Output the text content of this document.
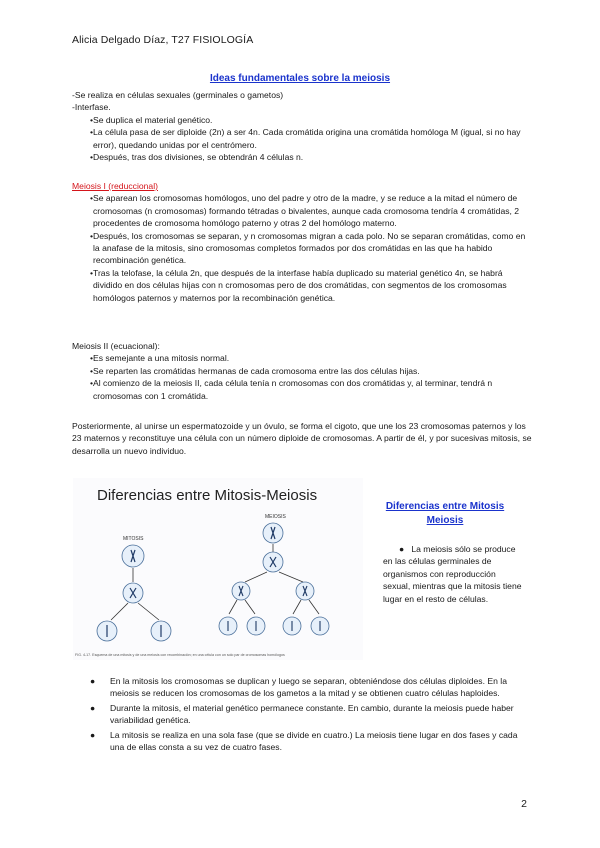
Alicia Delgado Díaz, T27 FISIOLOGÍA
Ideas fundamentales sobre la meiosis

-Se realiza en células sexuales (germinales o gametos)

-Interfase.

•Se duplica el material genético.

•La célula pasa de ser diploide (2n) a ser 4n. Cada cromátida origina una cromátida homóloga M (igual, si no hay error), quedando unidas por el centrómero.

•Después, tras dos divisiones, se obtendrán 4 células n.

Meiosis I (reduccional)

•Se aparean los cromosomas homólogos, uno del padre y otro de la madre, y se reduce a la mitad el número de cromosomas (n cromosomas) formando tétradas o bivalentes, aunque cada cromosoma tendría 4 cromátidas, 2 procedentes de cromosoma homólogo paterno y otras 2 del homólogo materno.

•Después, los cromosomas se separan, y n cromosomas migran a cada polo. No se separan cromátidas, como en la anafase de la mitosis, sino cromosomas completos formados por dos cromátidas en las que ha habido recombinación genética.

•Tras la telofase, la célula 2n, que después de la interfase había duplicado su material genético 4n, se habrá dividido en dos células hijas con n cromosomas pero de dos cromátidas, con segmentos de los cromosomas homólogos paternos y maternos por la recombinación genética.

Meiosis II (ecuacional):

•Es semejante a una mitosis normal.

•Se reparten las cromátidas hermanas de cada cromosoma entre las dos células hijas.

•Al comienzo de la meiosis II, cada célula tenía n cromosomas con dos cromátidas y, al terminar, tendrá n cromosomas con 1 cromátida.

Posteriormente, al unirse un espermatozoide y un óvulo, se forma el cigoto, que une los 23 cromosomas paternos y los 23 maternos y reconstituye una célula con un número diploide de cromosomas. A partir de él, y por sucesivas mitosis, se desarrolla un nuevo individuo.

Diferencias entre Mitosis-Meiosis
MITOSIS
MEIOSIS
FIG. 4-17. Esquema de una mitosis y de una meiosis con recombinación; en una célula con un solo par de cromosomas homólogos
Diferencias entre Mitosis Meiosis
●   La meiosis sólo se produce en las células germinales de organismos con reproducción sexual, mientras que la mitosis tiene lugar en el resto de células.

● En la mitosis los cromosomas se duplican y luego se separan, obteniéndose dos células diploides. En la meiosis se reducen los cromosomas de los gametos a la mitad y se obtienen cuatro células haploides.

● Durante la mitosis, el material genético permanece constante. En cambio, durante la meiosis puede haber variabilidad genética.

● La mitosis se realiza en una sola fase (que se divide en cuatro.) La meiosis tiene lugar en dos fases y cada una de ellas consta a su vez de cuatro fases.

2
